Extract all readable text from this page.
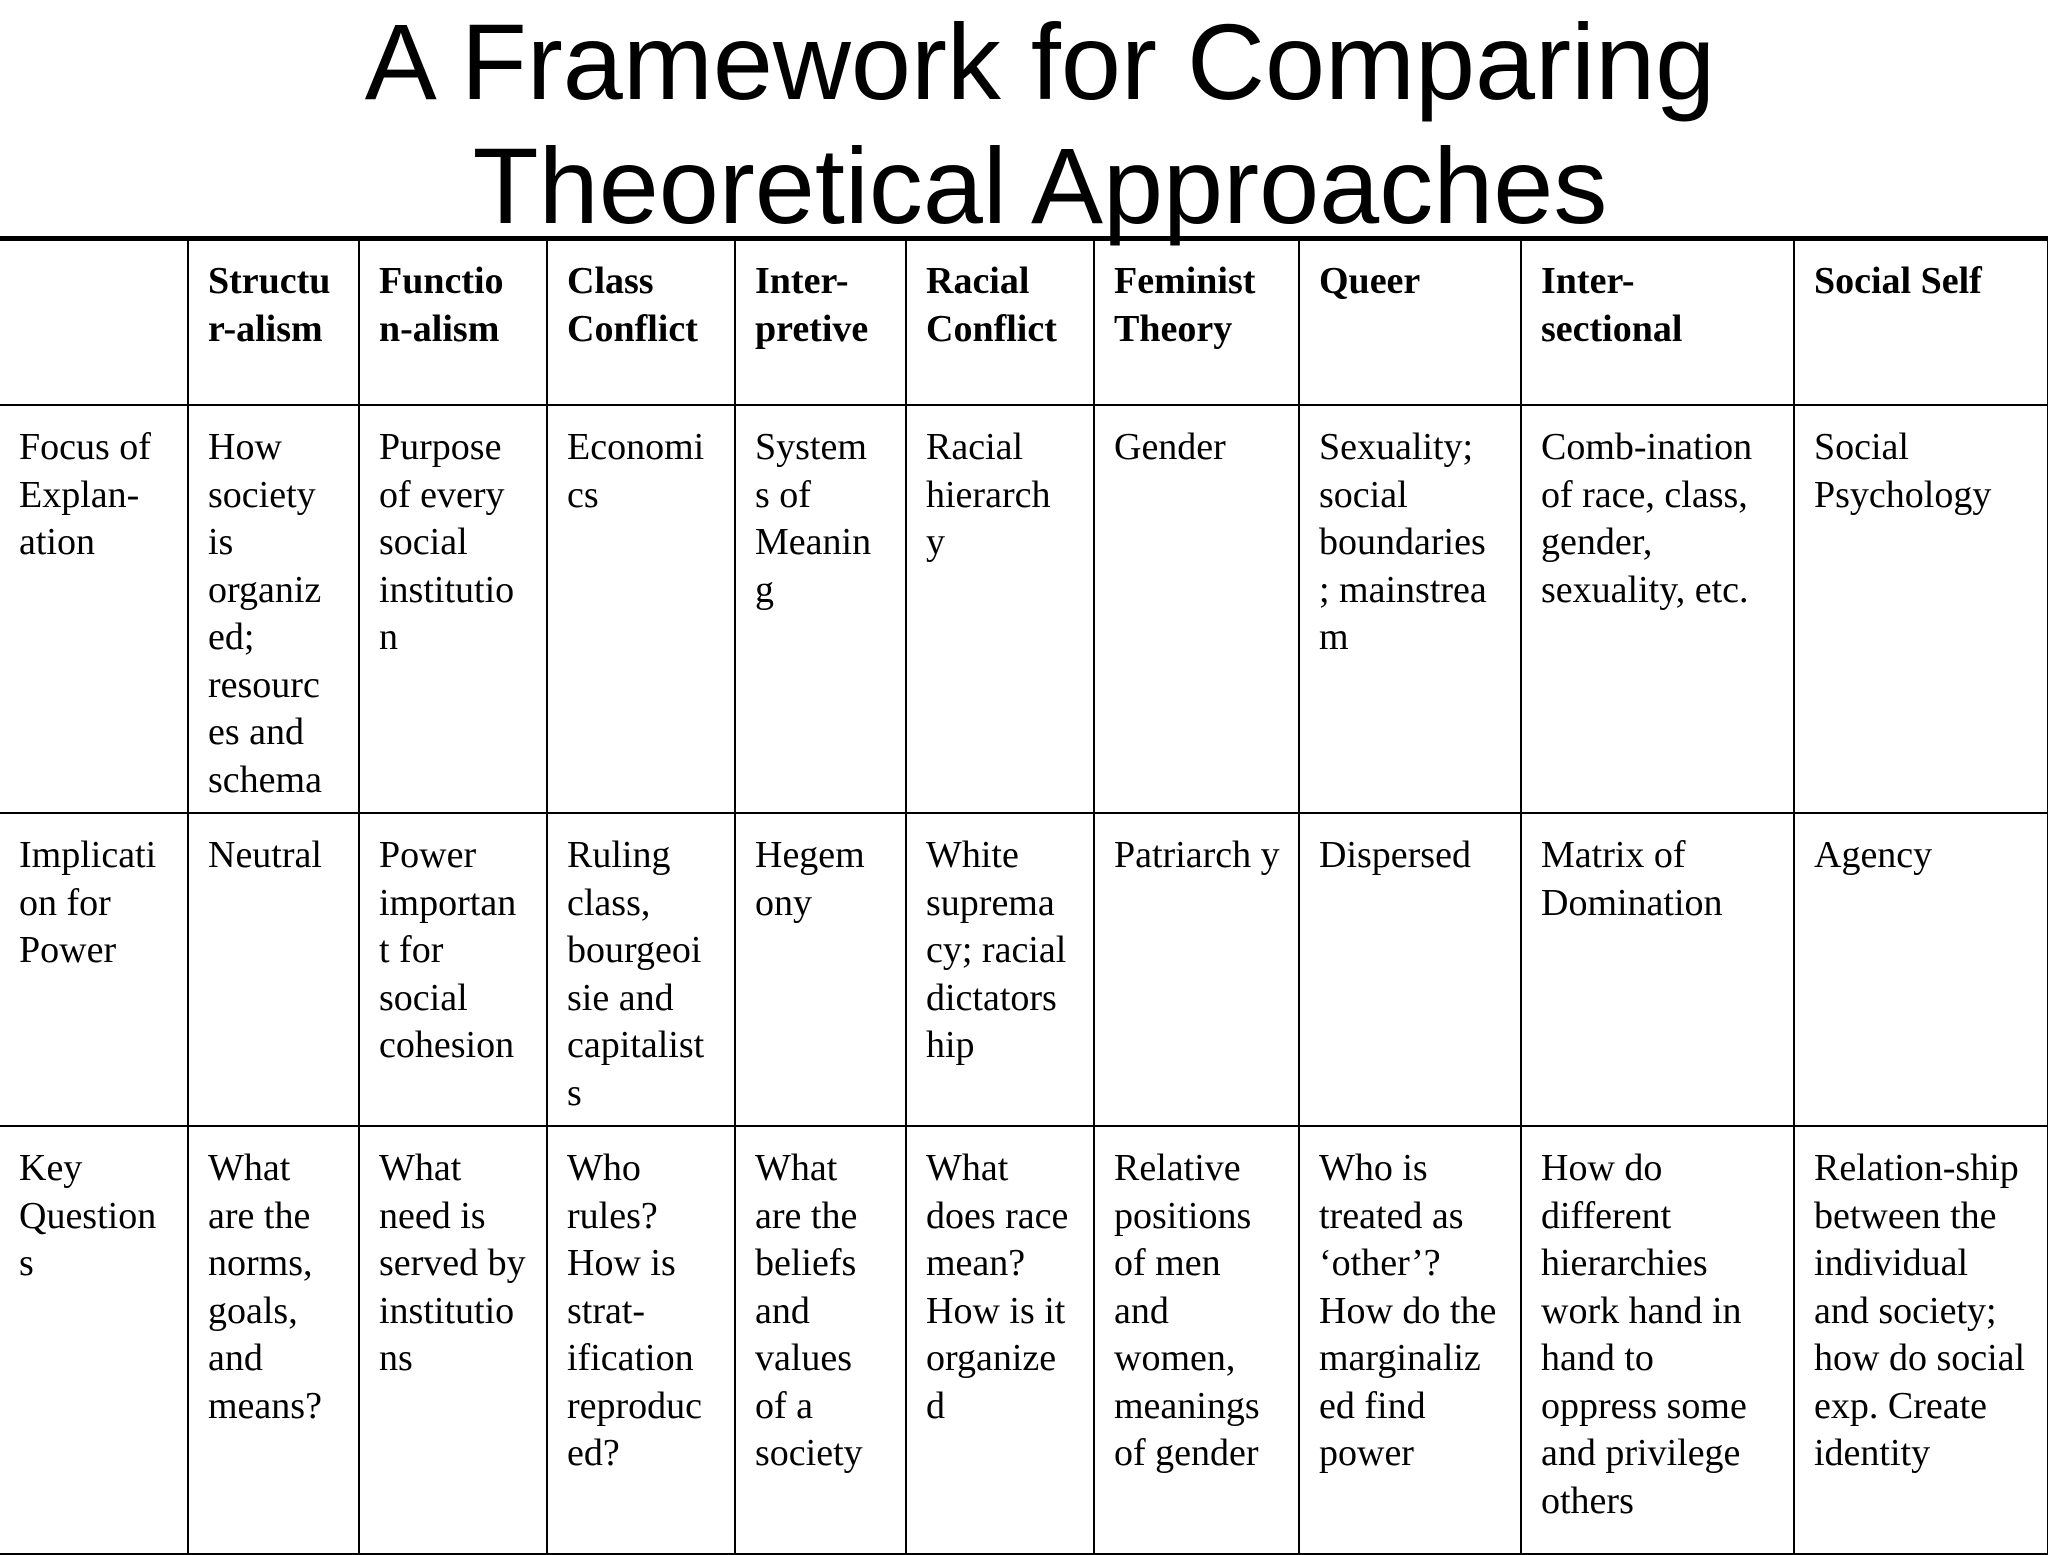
A Framework for Comparing
Theoretical Approaches
	Structu r-alism	Functio n-alism	Class Conflict	Inter-pretive	Racial Conflict	Feminist Theory	Queer	Inter-sectional	Social Self
Focus of Explan-ation	How society is organiz ed; resourc es and schema	Purpose of every social institutio n	Economi cs	System s of Meanin g	Racial hierarch y	Gender	Sexuality; social boundaries ; mainstrea m	Comb-ination of race, class, gender, sexuality, etc.	Social Psychology
Implicati on for Power	Neutral	Power importan t for social cohesion	Ruling class, bourgeoi sie and capitalist s	Hegem ony	White suprema cy; racial dictators hip	Patriarch y	Dispersed	Matrix of Domination	Agency
Key Question s	What are the norms, goals, and means?	What need is served by institutio ns	Who rules? How is strat-ification reproduc ed?	What are the beliefs and values of a society	What does race mean? How is it organize d	Relative positions of men and women, meanings of gender	Who is treated as ‘other’? How do the marginaliz ed find power	How do different hierarchies work hand in hand to oppress some and privilege others	Relation-ship between the individual and society; how do social exp. Create identity
